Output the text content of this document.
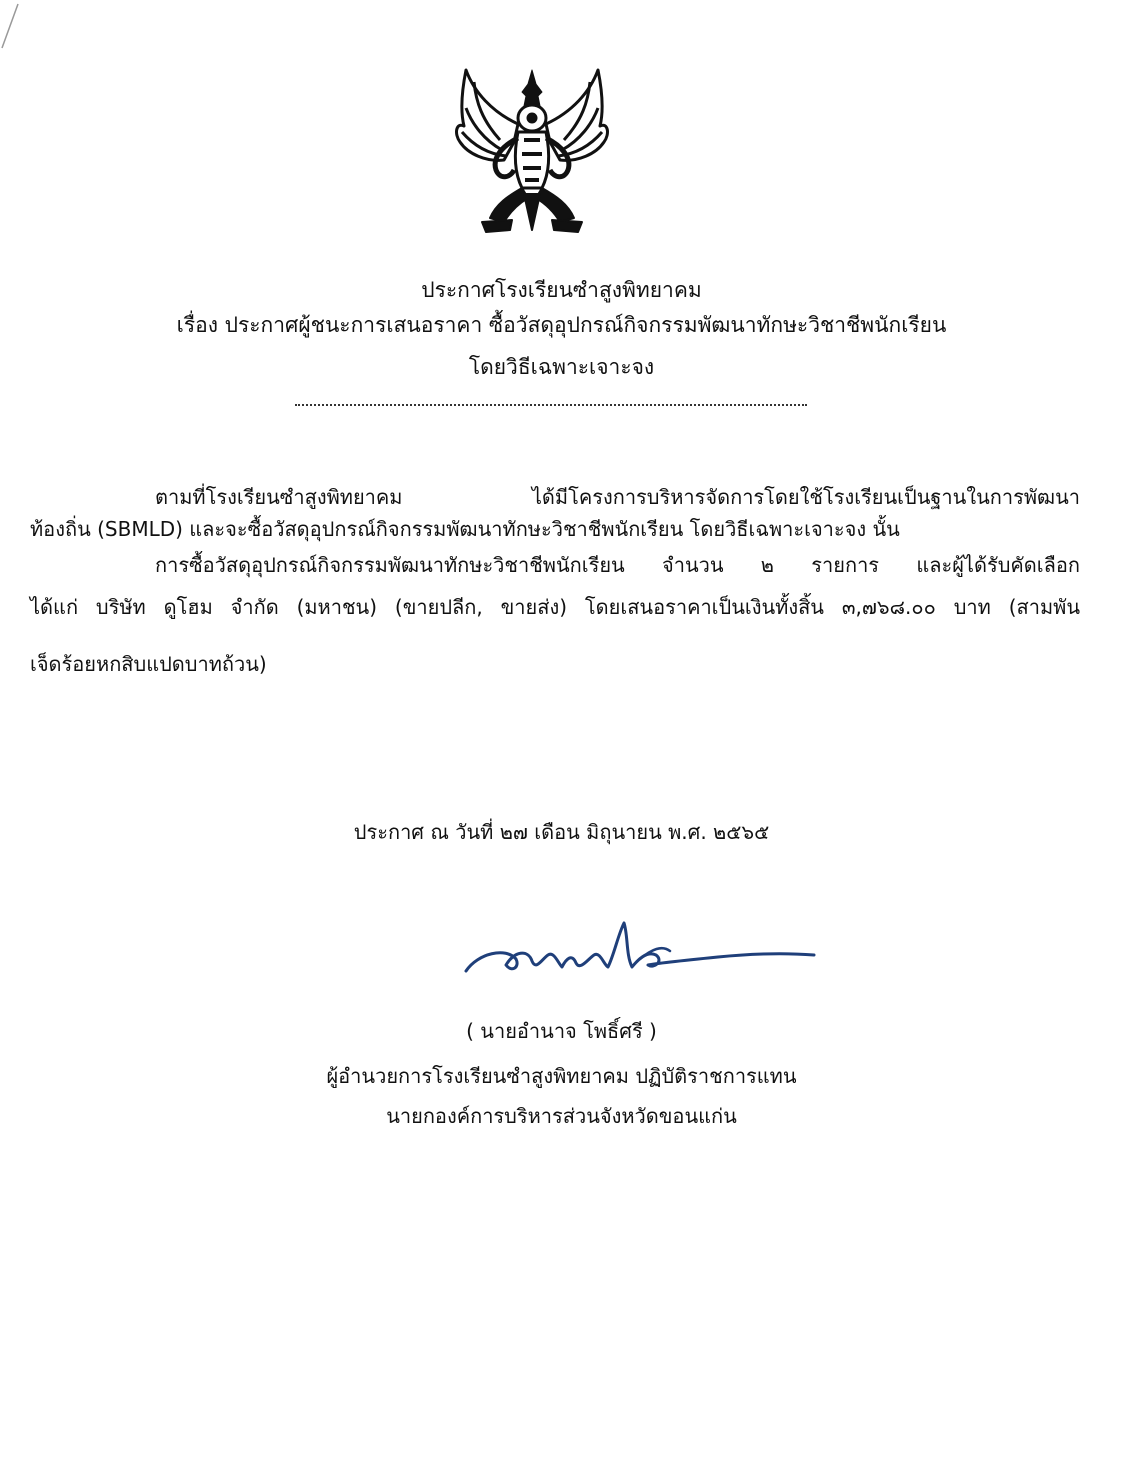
ประกาศโรงเรียนซำสูงพิทยาคม
เรื่อง ประกาศผู้ชนะการเสนอราคา ซื้อวัสดุอุปกรณ์กิจกรรมพัฒนาทักษะวิชาชีพนักเรียน
โดยวิธีเฉพาะเจาะจง
ตามที่โรงเรียนซำสูงพิทยาคม ได้มีโครงการบริหารจัดการโดยใช้โรงเรียนเป็นฐานในการพัฒนา
ท้องถิ่น (SBMLD) และจะซื้อวัสดุอุปกรณ์กิจกรรมพัฒนาทักษะวิชาชีพนักเรียน โดยวิธีเฉพาะเจาะจง นั้น
การซื้อวัสดุอุปกรณ์กิจกรรมพัฒนาทักษะวิชาชีพนักเรียน จำนวน ๒ รายการ และผู้ได้รับคัดเลือก
ได้แก่ บริษัท ดูโฮม จำกัด (มหาชน) (ขายปลีก, ขายส่ง) โดยเสนอราคาเป็นเงินทั้งสิ้น ๓,๗๖๘.๐๐ บาท (สามพัน
เจ็ดร้อยหกสิบแปดบาทถ้วน)
ประกาศ ณ วันที่ ๒๗ เดือน มิถุนายน พ.ศ. ๒๕๖๕
( นายอำนาจ โพธิ์ศรี )
ผู้อำนวยการโรงเรียนซำสูงพิทยาคม ปฏิบัติราชการแทน
นายกองค์การบริหารส่วนจังหวัดขอนแก่น
